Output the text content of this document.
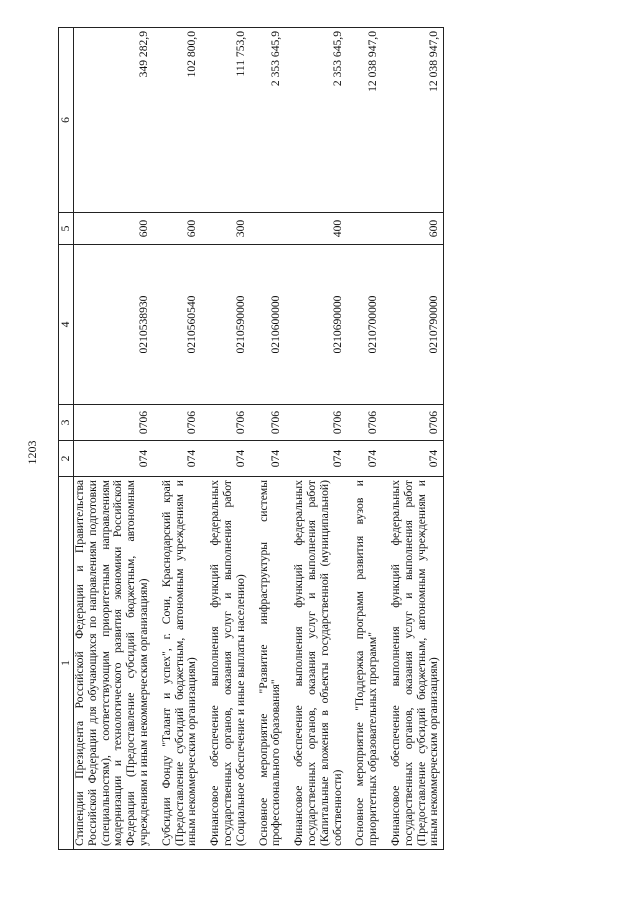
1203
1	2	3	4	5	6
Стипендии Президента Российской Федерации и Правительства Российской Федерации для обучающихся по направлениям подготовки (специальностям), соответствующим приоритетным направлениям модернизации и технологического развития экономики Российской Федерации (Предоставление субсидий бюджетным, автономным учреждениям и иным некоммерческим организациям)	074	0706	0210538930	600	349 282,9
Субсидии Фонду "Талант и успех", г. Сочи, Краснодарский край (Предоставление субсидий бюджетным, автономным учреждениям и иным некоммерческим организациям)	074	0706	0210560540	600	102 800,0
Финансовое обеспечение выполнения функций федеральных государственных органов, оказания услуг и выполнения работ (Социальное обеспечение и иные выплаты населению)	074	0706	0210590000	300	111 753,0
Основное мероприятие "Развитие инфраструктуры системы профессионального образования"	074	0706	0210600000		2 353 645,9
Финансовое обеспечение выполнения функций федеральных государственных органов, оказания услуг и выполнения работ (Капитальные вложения в объекты государственной (муниципальной) собственности)	074	0706	0210690000	400	2 353 645,9
Основное мероприятие "Поддержка программ развития вузов и приоритетных образовательных программ"	074	0706	0210700000		12 038 947,0
Финансовое обеспечение выполнения функций федеральных государственных органов, оказания услуг и выполнения работ (Предоставление субсидий бюджетным, автономным учреждениям и иным некоммерческим организациям)	074	0706	0210790000	600	12 038 947,0
